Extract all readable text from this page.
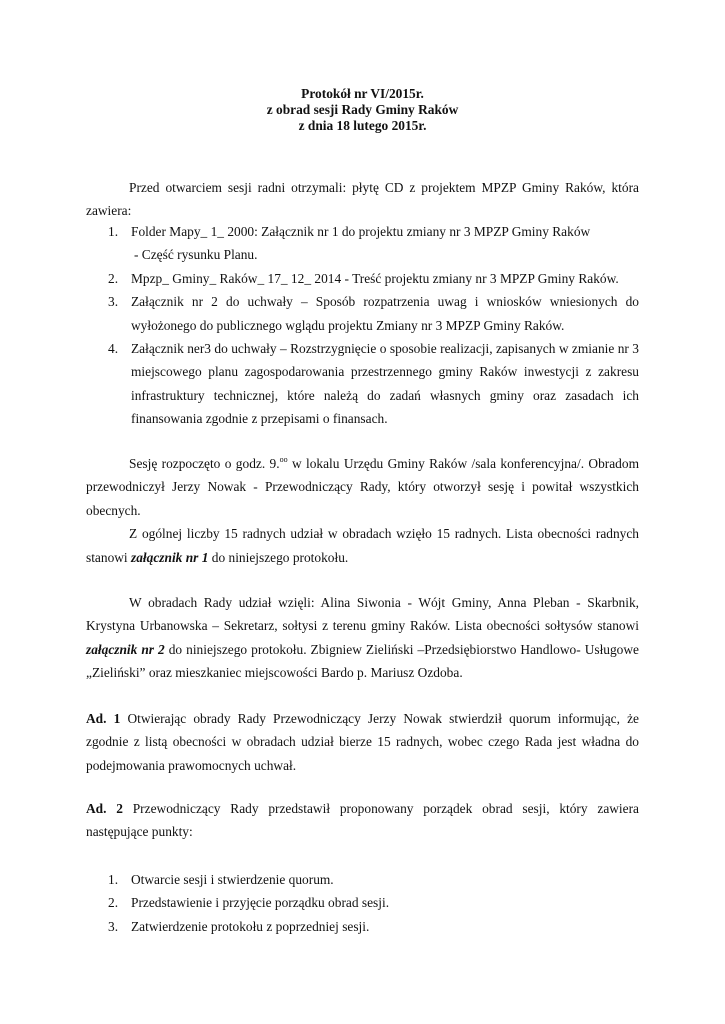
Protokół nr VI/2015r.
z obrad sesji Rady Gminy Raków
z dnia 18 lutego 2015r.

Przed otwarciem sesji radni otrzymali: płytę CD z projektem MPZP Gminy Raków, która zawiera:

1. Folder Mapy_ 1_ 2000: Załącznik nr 1 do projektu zmiany nr 3 MPZP Gminy Raków
- Część rysunku Planu.
2. Mpzp_ Gminy_ Raków_ 17_ 12_ 2014 - Treść projektu zmiany nr 3 MPZP Gminy Raków.
3. Załącznik nr 2 do uchwały – Sposób rozpatrzenia uwag i wniosków wniesionych do wyłożonego do publicznego wglądu projektu Zmiany nr 3 MPZP Gminy Raków.
4. Załącznik ner3 do uchwały – Rozstrzygnięcie o sposobie realizacji, zapisanych w zmianie nr 3 miejscowego planu zagospodarowania przestrzennego gminy Raków inwestycji z zakresu infrastruktury technicznej, które należą do zadań własnych gminy oraz zasadach ich finansowania zgodnie z przepisami o finansach.

Sesję rozpoczęto o godz. 9.$^{oo}$ w lokalu Urzędu Gminy Raków /sala konferencyjna/. Obradom przewodniczył Jerzy Nowak - Przewodniczący Rady, który otworzył sesję i powitał wszystkich obecnych.

Z ogólnej liczby 15 radnych udział w obradach wzięło 15 radnych. Lista obecności radnych stanowi załącznik nr 1 do niniejszego protokołu.

W obradach Rady udział wzięli: Alina Siwonia - Wójt Gminy, Anna Pleban - Skarbnik, Krystyna Urbanowska – Sekretarz, sołtysi z terenu gminy Raków. Lista obecności sołtysów stanowi załącznik nr 2 do niniejszego protokołu. Zbigniew Zieliński –Przedsiębiorstwo Handlowo- Usługowe „Zieliński” oraz mieszkaniec miejscowości Bardo p. Mariusz Ozdoba.

Ad. 1 Otwierając obrady Rady Przewodniczący Jerzy Nowak stwierdził quorum informując, że zgodnie z listą obecności w obradach udział bierze 15 radnych, wobec czego Rada jest władna do podejmowania prawomocnych uchwał.

Ad. 2 Przewodniczący Rady przedstawił proponowany porządek obrad sesji, który zawiera następujące punkty:

1. Otwarcie sesji i stwierdzenie quorum.
2. Przedstawienie i przyjęcie porządku obrad sesji.
3. Zatwierdzenie protokołu z poprzedniej sesji.
